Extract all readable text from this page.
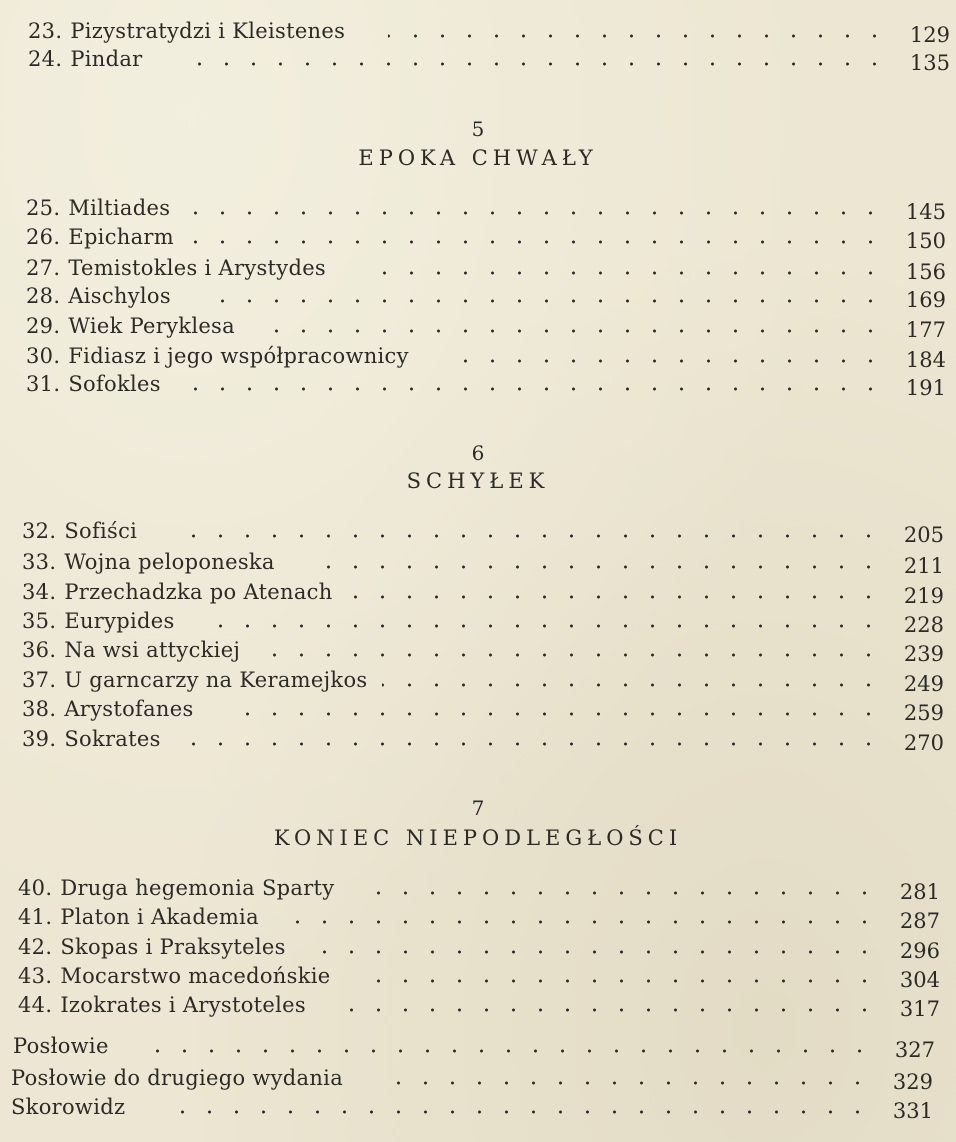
23. Pizystratydzi i Kleistenes	129
24. Pindar	135
5
EPOKA CHWAŁY
25. Miltiades	145
26. Epicharm	150
27. Temistokles i Arystydes	156
28. Aischylos	169
29. Wiek Peryklesa	177
30. Fidiasz i jego współpracownicy	184
31. Sofokles	191
6
SCHYŁEK
32. Sofiści	205
33. Wojna peloponeska	211
34. Przechadzka po Atenach	219
35. Eurypides	228
36. Na wsi attyckiej	239
37. U garncarzy na Keramejkos	249
38. Arystofanes	259
39. Sokrates	270
7
KONIEC NIEPODLEGŁOŚCI
40. Druga hegemonia Sparty	281
41. Platon i Akademia	287
42. Skopas i Praksyteles	296
43. Mocarstwo macedońskie	304
44. Izokrates i Arystoteles	317
Posłowie	327
Posłowie do drugiego wydania	329
Skorowidz	331
